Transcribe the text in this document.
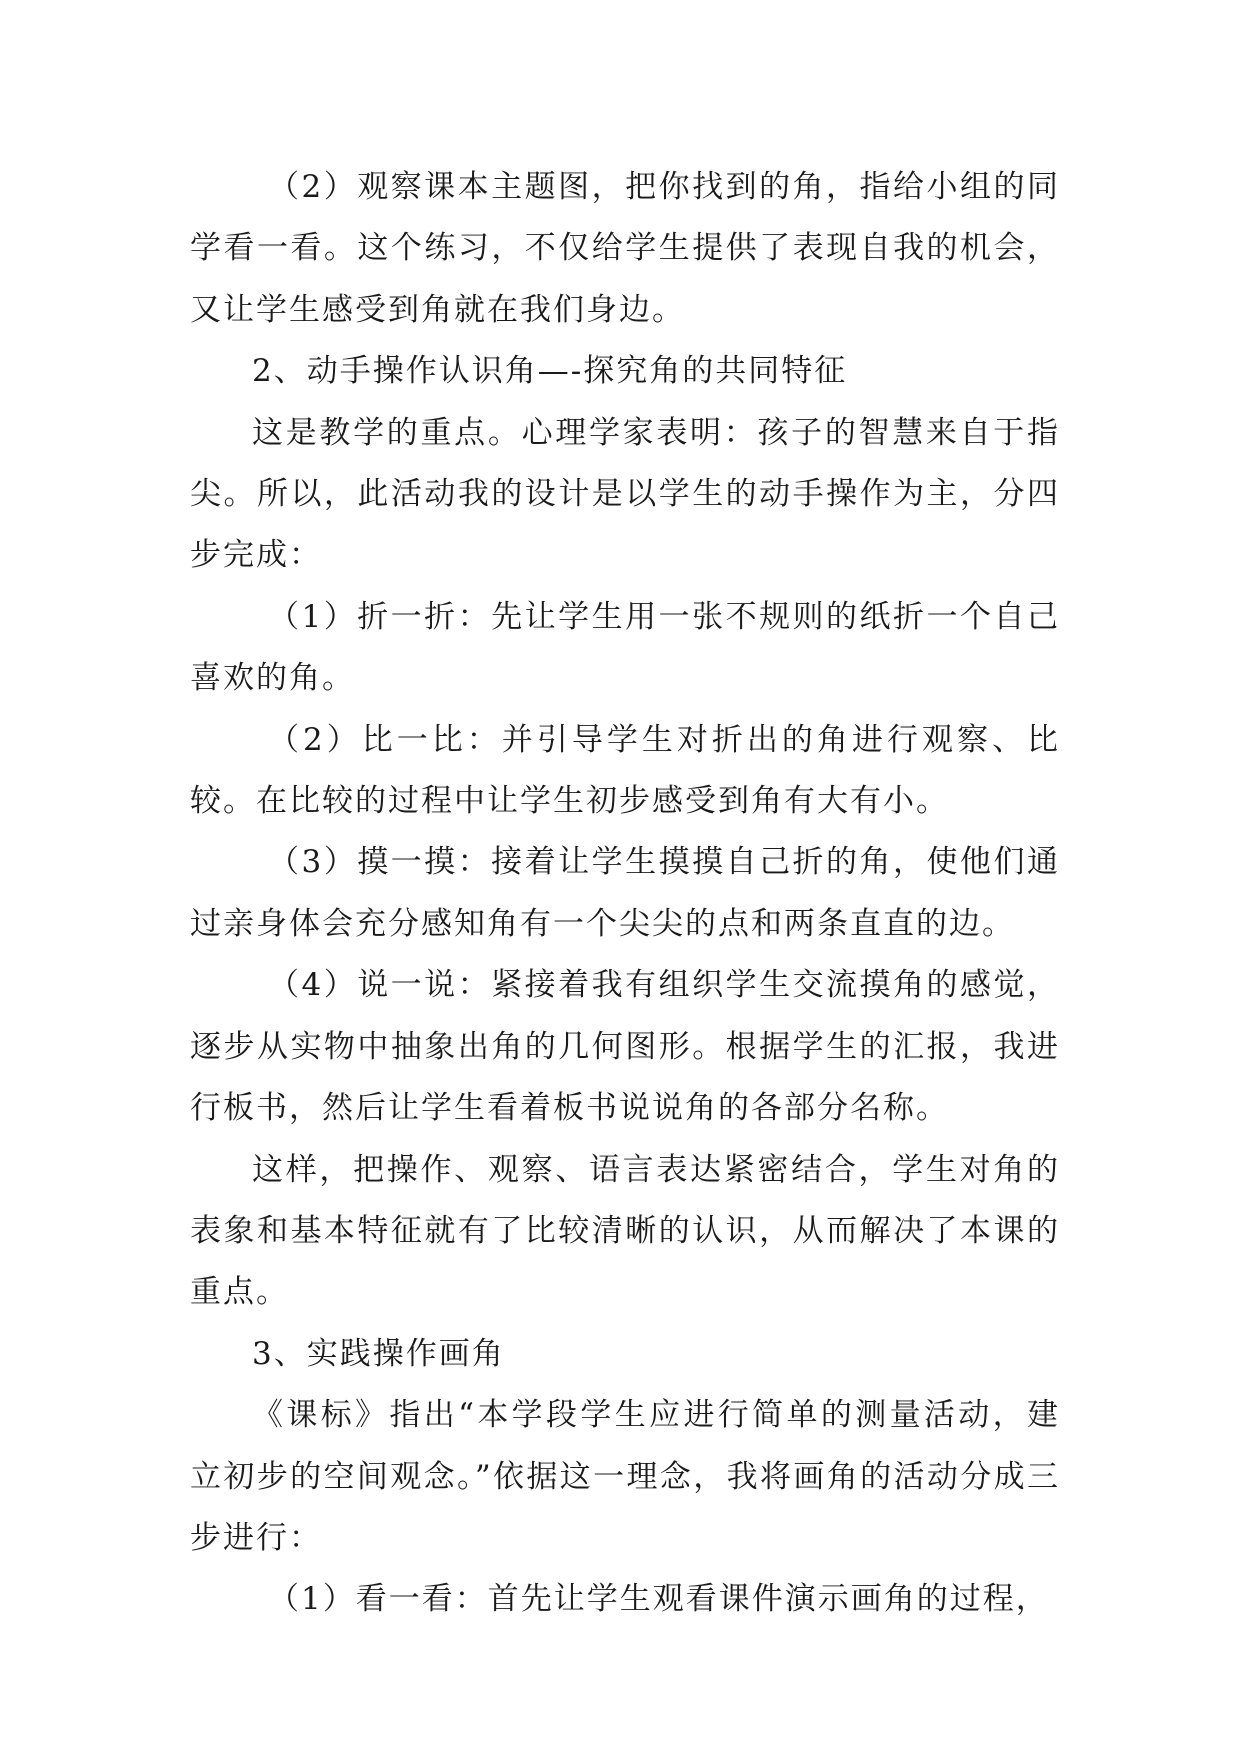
（2）观察课本主题图，把你找到的角，指给小组的同学看一看。这个练习，不仅给学生提供了表现自我的机会，又让学生感受到角就在我们身边。

2、动手操作认识角—-探究角的共同特征

这是教学的重点。心理学家表明：孩子的智慧来自于指尖。所以，此活动我的设计是以学生的动手操作为主，分四步完成：

（1）折一折：先让学生用一张不规则的纸折一个自己喜欢的角。

（2）比一比：并引导学生对折出的角进行观察、比较。在比较的过程中让学生初步感受到角有大有小。

（3）摸一摸：接着让学生摸摸自己折的角，使他们通过亲身体会充分感知角有一个尖尖的点和两条直直的边。

（4）说一说：紧接着我有组织学生交流摸角的感觉，逐步从实物中抽象出角的几何图形。根据学生的汇报，我进行板书，然后让学生看着板书说说角的各部分名称。

这样，把操作、观察、语言表达紧密结合，学生对角的表象和基本特征就有了比较清晰的认识，从而解决了本课的重点。

3、实践操作画角

《课标》指出“本学段学生应进行简单的测量活动，建立初步的空间观念。”依据这一理念，我将画角的活动分成三步进行：

（1）看一看：首先让学生观看课件演示画角的过程，
